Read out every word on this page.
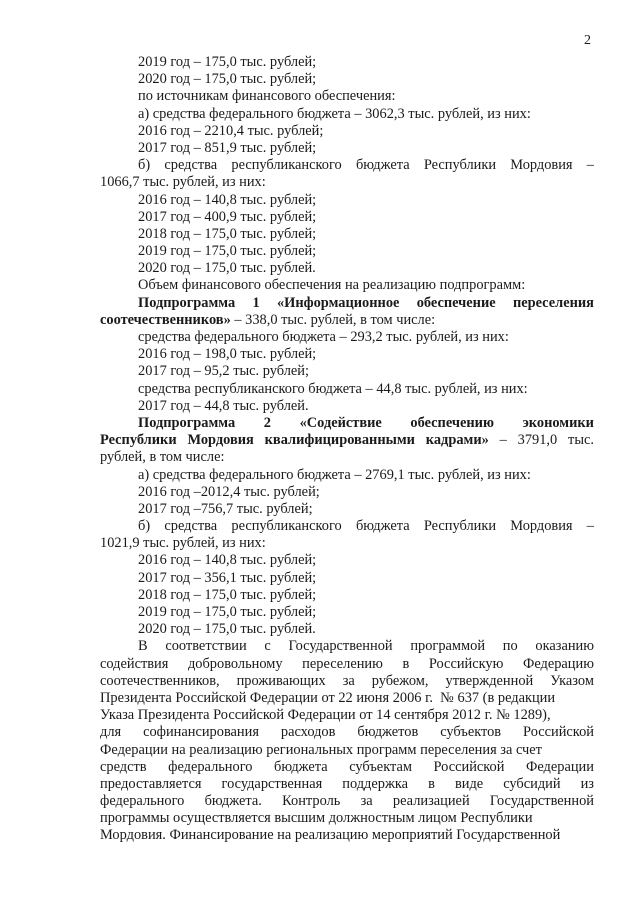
2
2019 год – 175,0 тыс. рублей;
2020 год – 175,0 тыс. рублей;
по источникам финансового обеспечения:
а) средства федерального бюджета – 3062,3 тыс. рублей, из них:
2016 год – 2210,4 тыс. рублей;
2017 год – 851,9 тыс. рублей;
б) средства республиканского бюджета Республики Мордовия –
1066,7 тыс. рублей, из них:
2016 год – 140,8 тыс. рублей;
2017 год – 400,9 тыс. рублей;
2018 год – 175,0 тыс. рублей;
2019 год – 175,0 тыс. рублей;
2020 год – 175,0 тыс. рублей.
Объем финансового обеспечения на реализацию подпрограмм:
Подпрограмма 1 «Информационное обеспечение переселения
соотечественников» – 338,0 тыс. рублей, в том числе:
средства федерального бюджета – 293,2 тыс. рублей, из них:
2016 год – 198,0 тыс. рублей;
2017 год – 95,2 тыс. рублей;
средства республиканского бюджета – 44,8 тыс. рублей, из них:
2017 год – 44,8 тыс. рублей.
Подпрограмма 2 «Содействие обеспечению экономики
Республики Мордовия квалифицированными кадрами» – 3791,0 тыс.
рублей, в том числе:
а) средства федерального бюджета – 2769,1 тыс. рублей, из них:
2016 год –2012,4 тыс. рублей;
2017 год –756,7 тыс. рублей;
б) средства республиканского бюджета Республики Мордовия –
1021,9 тыс. рублей, из них:
2016 год – 140,8 тыс. рублей;
2017 год – 356,1 тыс. рублей;
2018 год – 175,0 тыс. рублей;
2019 год – 175,0 тыс. рублей;
2020 год – 175,0 тыс. рублей.
В соответствии с Государственной программой по оказанию
содействия добровольному переселению в Российскую Федерацию
соотечественников, проживающих за рубежом, утвержденной Указом
Президента Российской Федерации от 22 июня 2006 г.  № 637 (в редакции
Указа Президента Российской Федерации от 14 сентября 2012 г. № 1289),
для софинансирования расходов бюджетов субъектов Российской
Федерации на реализацию региональных программ переселения за счет
средств федерального бюджета субъектам Российской Федерации
предоставляется государственная поддержка в виде субсидий из
федерального бюджета. Контроль за реализацией Государственной
программы осуществляется высшим должностным лицом Республики
Мордовия. Финансирование на реализацию мероприятий Государственной
